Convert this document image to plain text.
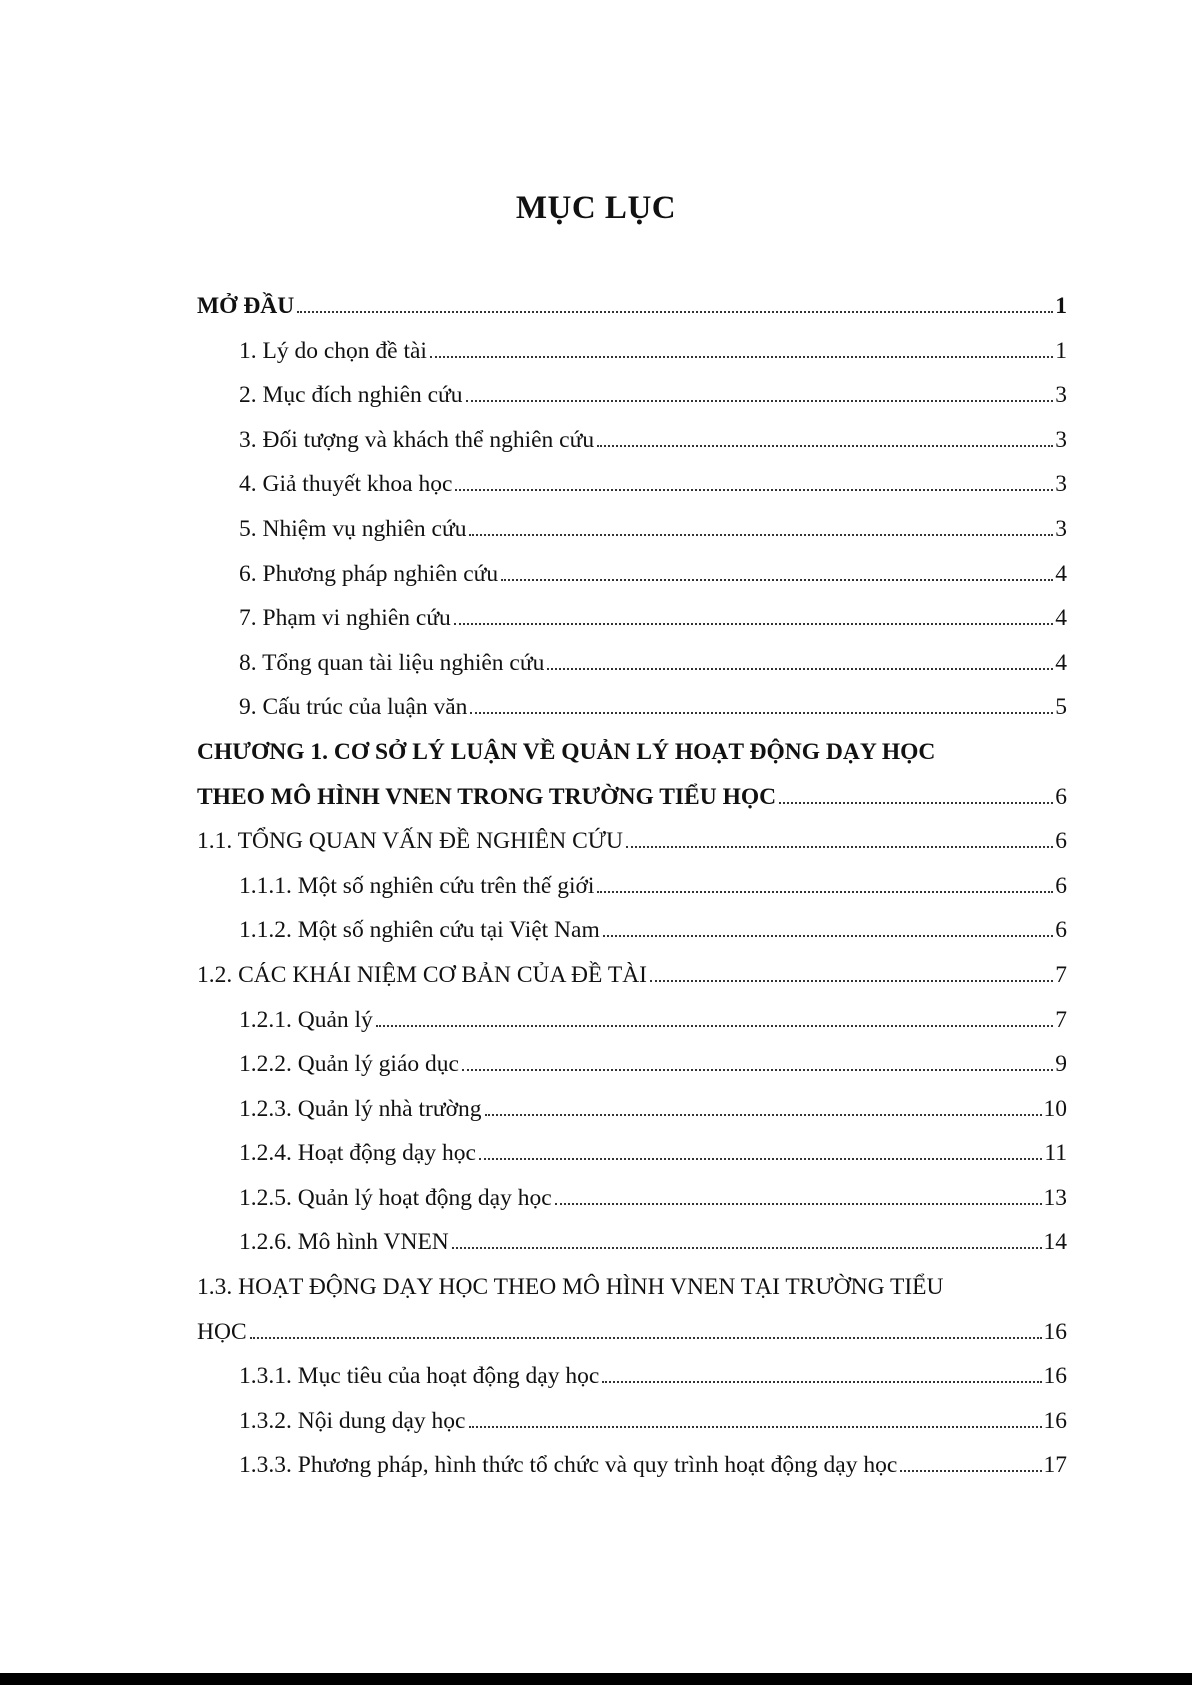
MỤC LỤC
MỞ ĐẦU	1
1. Lý do chọn đề tài	1
2. Mục đích nghiên cứu	3
3. Đối tượng và khách thể nghiên cứu	3
4. Giả thuyết khoa học	3
5. Nhiệm vụ nghiên cứu	3
6. Phương pháp nghiên cứu	4
7. Phạm vi nghiên cứu	4
8. Tổng quan tài liệu nghiên cứu	4
9. Cấu trúc của luận văn	5
CHƯƠNG 1. CƠ SỞ LÝ LUẬN VỀ QUẢN LÝ HOẠT ĐỘNG DẠY HỌC
THEO MÔ HÌNH VNEN TRONG TRƯỜNG TIỂU HỌC	6
1.1. TỔNG QUAN VẤN ĐỀ NGHIÊN CỨU	6
1.1.1. Một số nghiên cứu trên thế giới	6
1.1.2. Một số nghiên cứu tại Việt Nam	6
1.2. CÁC KHÁI NIỆM CƠ BẢN CỦA ĐỀ TÀI	7
1.2.1. Quản lý	7
1.2.2. Quản lý giáo dục	9
1.2.3. Quản lý nhà trường	10
1.2.4. Hoạt động dạy học	11
1.2.5. Quản lý hoạt động dạy học	13
1.2.6. Mô hình VNEN	14
1.3. HOẠT ĐỘNG DẠY HỌC THEO MÔ HÌNH VNEN TẠI TRƯỜNG TIỂU
HỌC	16
1.3.1. Mục tiêu của hoạt động dạy học	16
1.3.2. Nội dung dạy học	16
1.3.3. Phương pháp, hình thức tổ chức và quy trình hoạt động dạy học	17
